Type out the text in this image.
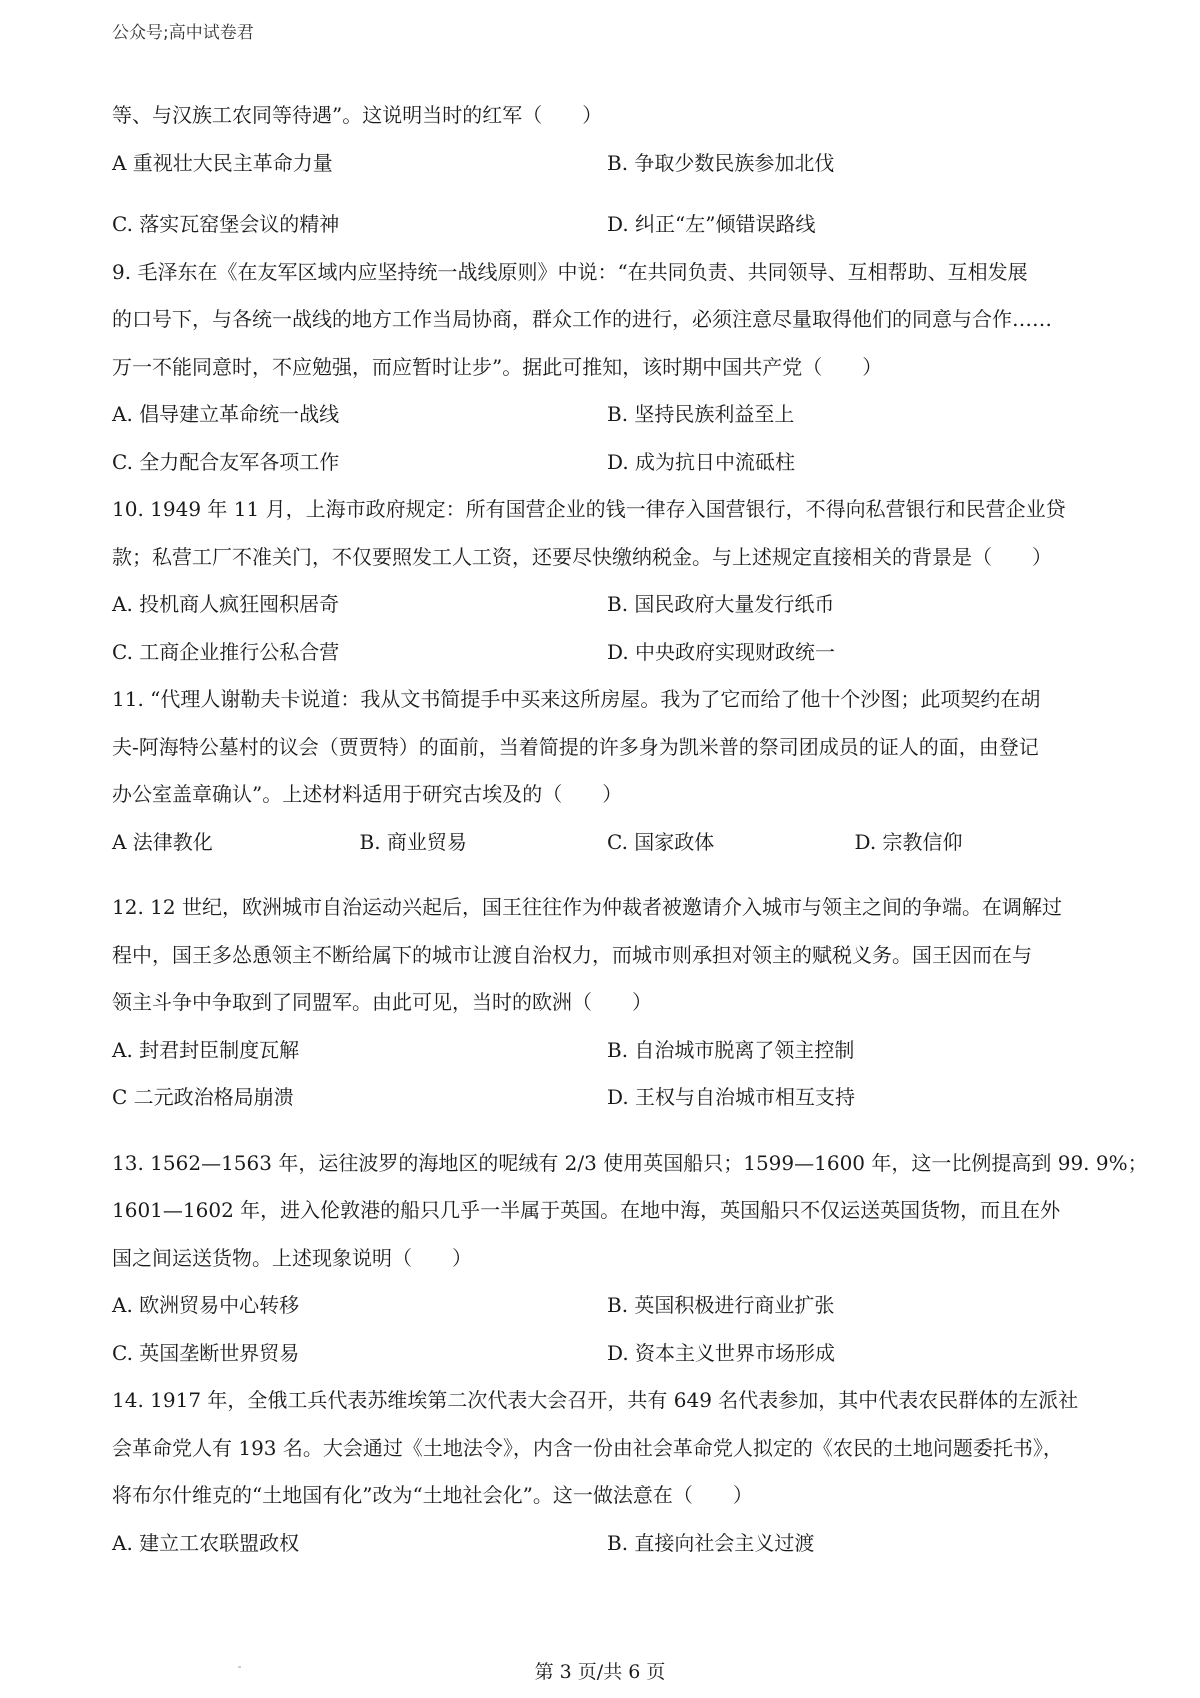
公众号;高中试卷君
等、与汉族工农同等待遇”。这说明当时的红军（　　）
A 重视壮大民主革命力量	B. 争取少数民族参加北伐
C. 落实瓦窑堡会议的精神	D. 纠正“左”倾错误路线
9. 毛泽东在《在友军区域内应坚持统一战线原则》中说：“在共同负责、共同领导、互相帮助、互相发展
的口号下，与各统一战线的地方工作当局协商，群众工作的进行，必须注意尽量取得他们的同意与合作……
万一不能同意时，不应勉强，而应暂时让步”。据此可推知，该时期中国共产党（　　）
A. 倡导建立革命统一战线	B. 坚持民族利益至上
C. 全力配合友军各项工作	D. 成为抗日中流砥柱
10. 1949 年 11 月，上海市政府规定：所有国营企业的钱一律存入国营银行，不得向私营银行和民营企业贷
款；私营工厂不准关门，不仅要照发工人工资，还要尽快缴纳税金。与上述规定直接相关的背景是（　　）
A. 投机商人疯狂囤积居奇	B. 国民政府大量发行纸币
C. 工商企业推行公私合营	D. 中央政府实现财政统一
11. “代理人谢勒夫卡说道：我从文书简提手中买来这所房屋。我为了它而给了他十个沙图；此项契约在胡
夫-阿海特公墓村的议会（贾贾特）的面前，当着简提的许多身为凯米普的祭司团成员的证人的面，由登记
办公室盖章确认”。上述材料适用于研究古埃及的（　　）
A 法律教化	B. 商业贸易	C. 国家政体	D. 宗教信仰
12. 12 世纪，欧洲城市自治运动兴起后，国王往往作为仲裁者被邀请介入城市与领主之间的争端。在调解过
程中，国王多怂恿领主不断给属下的城市让渡自治权力，而城市则承担对领主的赋税义务。国王因而在与
领主斗争中争取到了同盟军。由此可见，当时的欧洲（　　）
A. 封君封臣制度瓦解	B. 自治城市脱离了领主控制
C 二元政治格局崩溃	D. 王权与自治城市相互支持
13. 1562—1563 年，运往波罗的海地区的呢绒有 2/3 使用英国船只；1599—1600 年，这一比例提高到 99. 9%；
1601—1602 年，进入伦敦港的船只几乎一半属于英国。在地中海，英国船只不仅运送英国货物，而且在外
国之间运送货物。上述现象说明（　　）
A. 欧洲贸易中心转移	B. 英国积极进行商业扩张
C. 英国垄断世界贸易	D. 资本主义世界市场形成
14. 1917 年，全俄工兵代表苏维埃第二次代表大会召开，共有 649 名代表参加，其中代表农民群体的左派社
会革命党人有 193 名。大会通过《土地法令》，内含一份由社会革命党人拟定的《农民的土地问题委托书》，
将布尔什维克的“土地国有化”改为“土地社会化”。这一做法意在（　　）
A. 建立工农联盟政权	B. 直接向社会主义过渡
第 3 页/共 6 页
